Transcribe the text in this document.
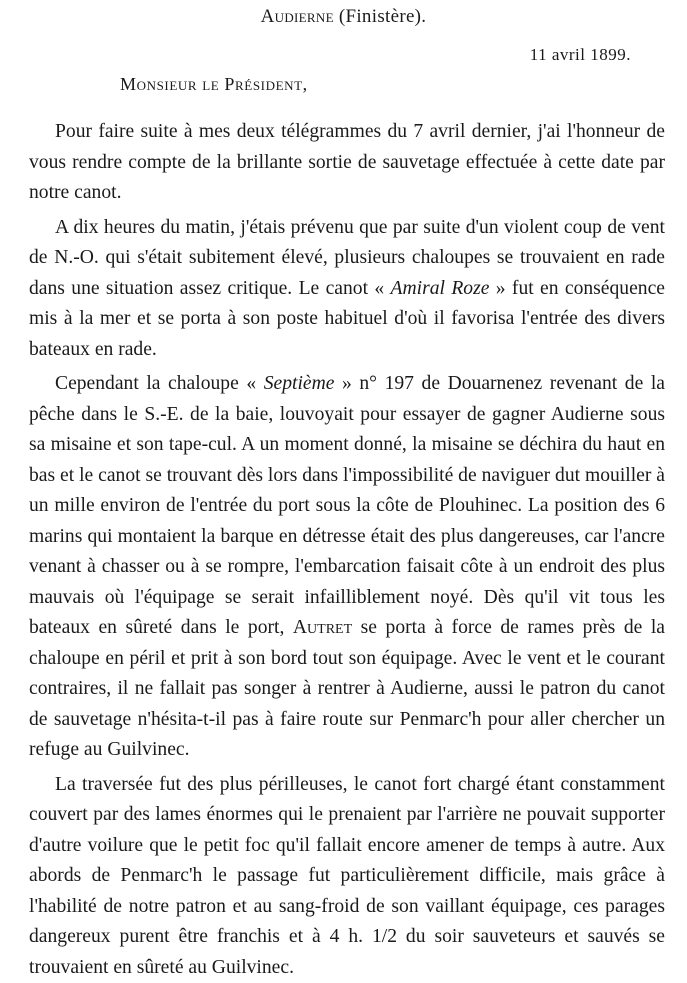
Audierne (Finistère).
11 avril 1899.
Monsieur le Président,

Pour faire suite à mes deux télégrammes du 7 avril dernier, j'ai l'honneur de vous rendre compte de la brillante sortie de sauvetage effectuée à cette date par notre canot.

A dix heures du matin, j'étais prévenu que par suite d'un violent coup de vent de N.-O. qui s'était subitement élevé, plusieurs chaloupes se trouvaient en rade dans une situation assez critique. Le canot « Amiral Roze » fut en conséquence mis à la mer et se porta à son poste habituel d'où il favorisa l'entrée des divers bateaux en rade.

Cependant la chaloupe « Septième » n° 197 de Douarnenez revenant de la pêche dans le S.-E. de la baie, louvoyait pour essayer de gagner Audierne sous sa misaine et son tape-cul. A un moment donné, la misaine se déchira du haut en bas et le canot se trouvant dès lors dans l'impossibilité de naviguer dut mouiller à un mille environ de l'entrée du port sous la côte de Plouhinec. La position des 6 marins qui montaient la barque en détresse était des plus dangereuses, car l'ancre venant à chasser ou à se rompre, l'embarcation faisait côte à un endroit des plus mauvais où l'équipage se serait infailliblement noyé. Dès qu'il vit tous les bateaux en sûreté dans le port, Autret se porta à force de rames près de la chaloupe en péril et prit à son bord tout son équipage. Avec le vent et le courant contraires, il ne fallait pas songer à rentrer à Audierne, aussi le patron du canot de sauvetage n'hésita-t-il pas à faire route sur Penmarc'h pour aller chercher un refuge au Guilvinec.

La traversée fut des plus périlleuses, le canot fort chargé étant constamment couvert par des lames énormes qui le prenaient par l'arrière ne pouvait supporter d'autre voilure que le petit foc qu'il fallait encore amener de temps à autre. Aux abords de Penmarc'h le passage fut particulièrement difficile, mais grâce à l'habilité de notre patron et au sang-froid de son vaillant équipage, ces parages dangereux purent être franchis et à 4 h. 1/2 du soir sauveteurs et sauvés se trouvaient en sûreté au Guilvinec.
